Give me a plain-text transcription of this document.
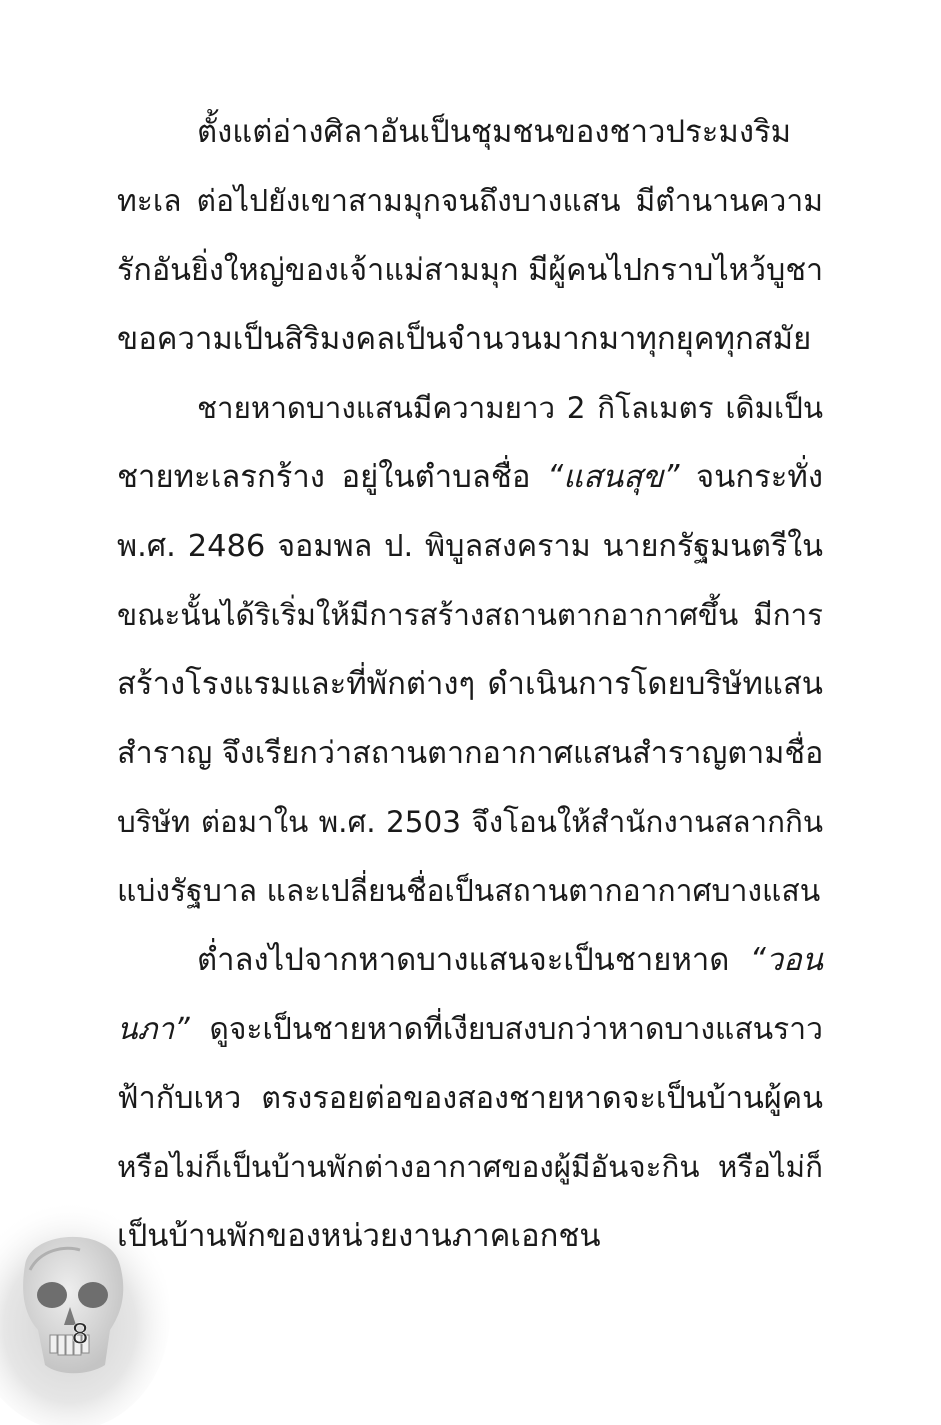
ตั้งแต่อ่างศิลาอันเป็นชุมชนของชาวประมงริม
ทะเล ต่อไปยังเขาสามมุกจนถึงบางแสน มีตำนานความ
รักอันยิ่งใหญ่ของเจ้าแม่สามมุก มีผู้คนไปกราบไหว้บูชา
ขอความเป็นสิริมงคลเป็นจำนวนมากมาทุกยุคทุกสมัย
ชายหาดบางแสนมีความยาว 2 กิโลเมตร เดิมเป็น
ชายทะเลรกร้าง อยู่ในตำบลชื่อ “แสนสุข” จนกระทั่ง
พ.ศ. 2486 จอมพล ป. พิบูลสงคราม นายกรัฐมนตรีใน
ขณะนั้นได้ริเริ่มให้มีการสร้างสถานตากอากาศขึ้น มีการ
สร้างโรงแรมและที่พักต่างๆ ดำเนินการโดยบริษัทแสน
สำราญ จึงเรียกว่าสถานตากอากาศแสนสำราญตามชื่อ
บริษัท ต่อมาใน พ.ศ. 2503 จึงโอนให้สำนักงานสลากกิน
แบ่งรัฐบาล และเปลี่ยนชื่อเป็นสถานตากอากาศบางแสน
ต่ำลงไปจากหาดบางแสนจะเป็นชายหาด “วอน
นภา” ดูจะเป็นชายหาดที่เงียบสงบกว่าหาดบางแสนราว
ฟ้ากับเหว ตรงรอยต่อของสองชายหาดจะเป็นบ้านผู้คน
หรือไม่ก็เป็นบ้านพักต่างอากาศของผู้มีอันจะกิน หรือไม่ก็
เป็นบ้านพักของหน่วยงานภาคเอกชน
8
